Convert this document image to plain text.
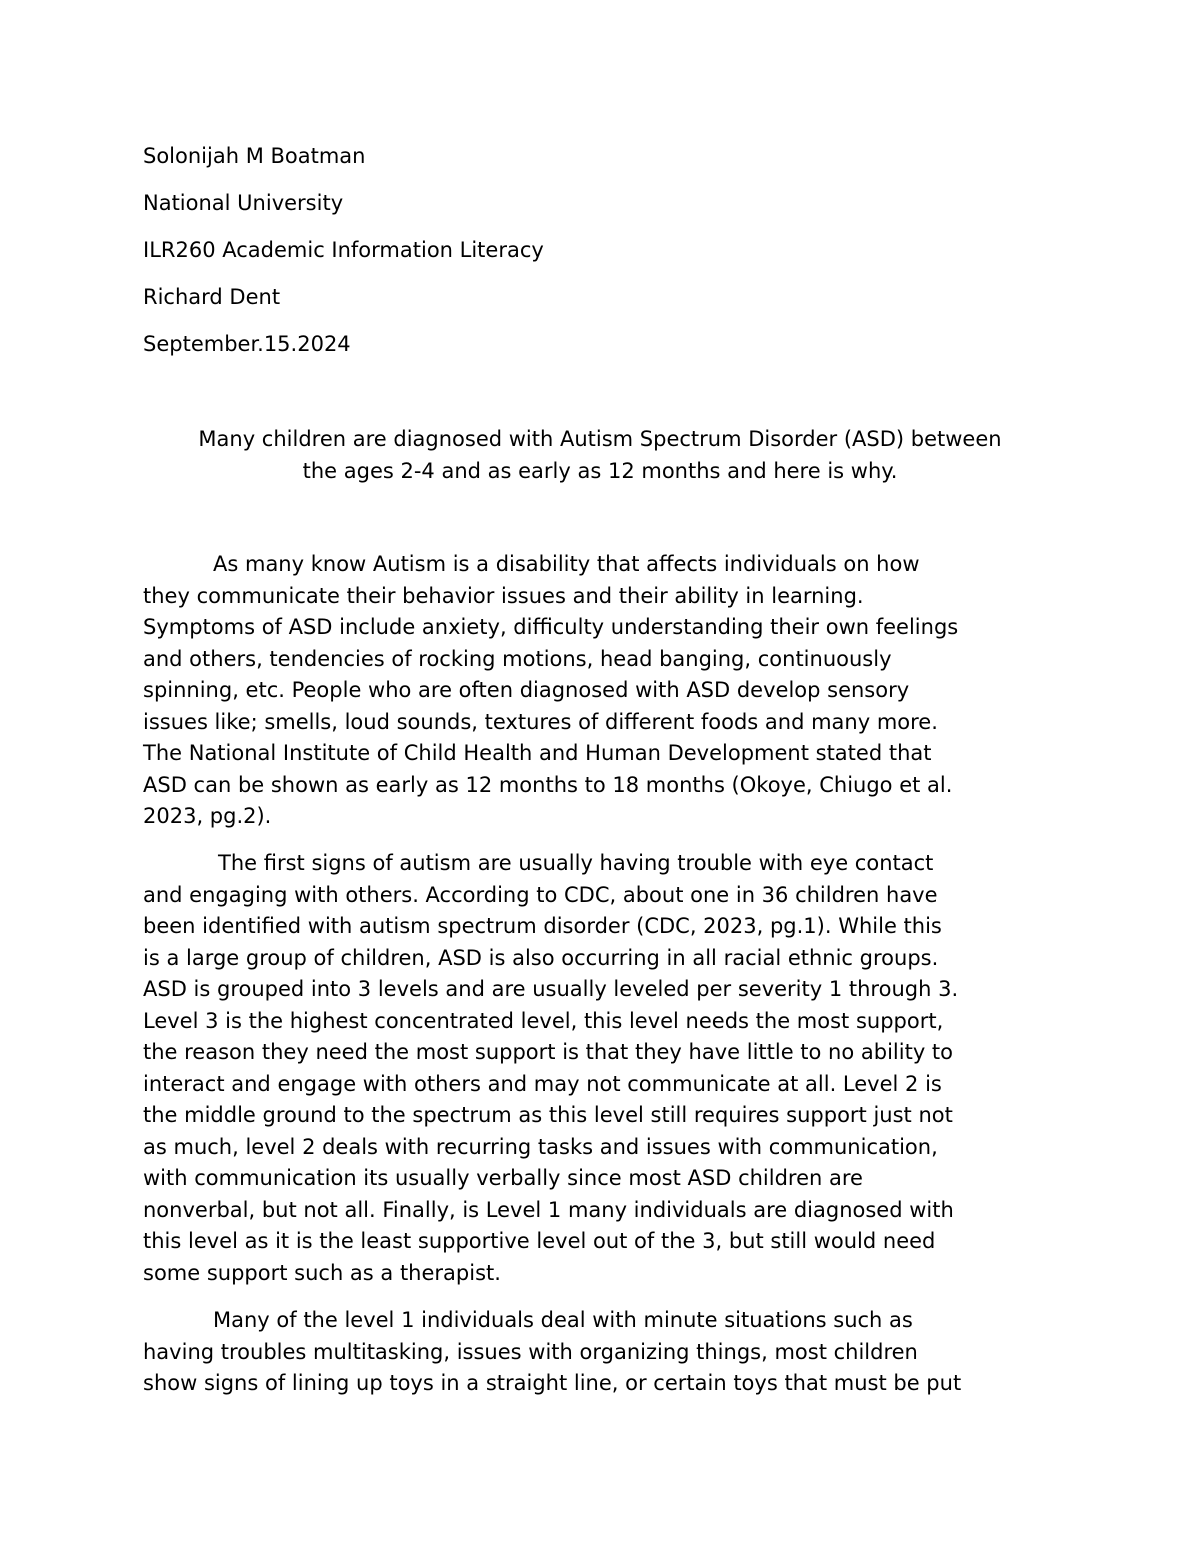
Solonijah M Boatman
National University
ILR260 Academic Information Literacy
Richard Dent
September.15.2024
Many children are diagnosed with Autism Spectrum Disorder (ASD) between
the ages 2-4 and as early as 12 months and here is why.
As many know Autism is a disability that affects individuals on how
they communicate their behavior issues and their ability in learning.
Symptoms of ASD include anxiety, difficulty understanding their own feelings
and others, tendencies of rocking motions, head banging, continuously
spinning, etc. People who are often diagnosed with ASD develop sensory
issues like; smells, loud sounds, textures of different foods and many more.
The National Institute of Child Health and Human Development stated that
ASD can be shown as early as 12 months to 18 months (Okoye, Chiugo et al.
2023, pg.2).
The first signs of autism are usually having trouble with eye contact
and engaging with others. According to CDC, about one in 36 children have
been identified with autism spectrum disorder (CDC, 2023, pg.1). While this
is a large group of children, ASD is also occurring in all racial ethnic groups.
ASD is grouped into 3 levels and are usually leveled per severity 1 through 3.
Level 3 is the highest concentrated level, this level needs the most support,
the reason they need the most support is that they have little to no ability to
interact and engage with others and may not communicate at all. Level 2 is
the middle ground to the spectrum as this level still requires support just not
as much, level 2 deals with recurring tasks and issues with communication,
with communication its usually verbally since most ASD children are
nonverbal, but not all. Finally, is Level 1 many individuals are diagnosed with
this level as it is the least supportive level out of the 3, but still would need
some support such as a therapist.
Many of the level 1 individuals deal with minute situations such as
having troubles multitasking, issues with organizing things, most children
show signs of lining up toys in a straight line, or certain toys that must be put
